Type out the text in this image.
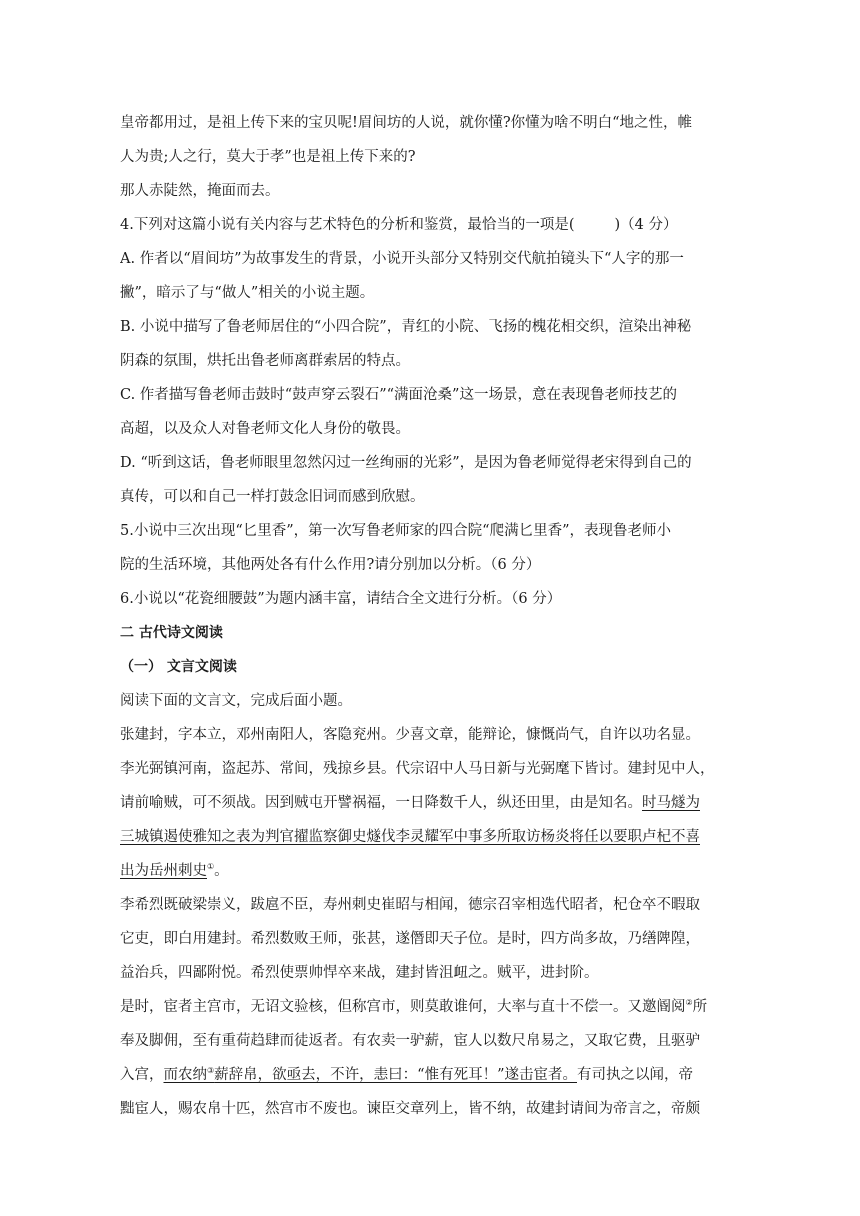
皇帝都用过，是祖上传下来的宝贝呢!眉间坊的人说，就你懂?你懂为啥不明白“地之性，帷
人为贵;人之行，莫大于孝”也是祖上传下来的?
那人赤陡然，掩面而去。
4.下列对这篇小说有关内容与艺术特色的分析和鉴赏，最恰当的一项是(	)（4 分）
A. 作者以“眉间坊”为故事发生的背景，小说开头部分又特别交代航拍镜头下“人字的那一
撇”，暗示了与“做人”相关的小说主题。
B. 小说中描写了鲁老师居住的“小四合院”，青红的小院、飞扬的槐花相交织，渲染出神秘
阴森的氛围，烘托出鲁老师离群索居的特点。
C. 作者描写鲁老师击鼓时“鼓声穿云裂石”“满面沧桑”这一场景，意在表现鲁老师技艺的
高超，以及众人对鲁老师文化人身份的敬畏。
D. “听到这话，鲁老师眼里忽然闪过一丝绚丽的光彩”，是因为鲁老师觉得老宋得到自己的
真传，可以和自己一样打鼓念旧词而感到欣慰。
5.小说中三次出现“匕里香”，第一次写鲁老师家的四合院“爬满匕里香”，表现鲁老师小
院的生活环境，其他两处各有什么作用?请分别加以分析。（6 分）
6.小说以“花瓷细腰鼓”为题内涵丰富，请结合全文进行分析。（6 分）
二 古代诗文阅读
（一） 文言文阅读
阅读下面的文言文，完成后面小题。
张建封，字本立，邓州南阳人，客隐兖州。少喜文章，能辩论，慷慨尚气，自许以功名显。
李光弼镇河南，盗起苏、常间，残掠乡县。代宗诏中人马日新与光弼麾下皆讨。建封见中人，
请前喻贼，可不须战。因到贼屯开譬祸福，一日降数千人，纵还田里，由是知名。时马燧为
三城镇遏使雅知之表为判官擢监察御史燧伐李灵耀军中事多所取访杨炎将任以要职卢杞不喜
出为岳州刺史①。
李希烈既破梁崇义，跋扈不臣，寿州刺史崔昭与相闻，德宗召宰相选代昭者，杞仓卒不暇取
它吏，即白用建封。希烈数败王师，张甚，遂僭即天子位。是时，四方尚多故，乃缮陴隍，
益治兵，四鄙附悦。希烈使票帅悍卒来战，建封皆沮衄之。贼平，进封阶。
是时，宦者主宫市，无诏文验核，但称宫市，则莫敢谁何，大率与直十不偿一。又邀阍阅②所
奉及脚佣，至有重荷趋肆而徒返者。有农卖一驴薪，宦人以数尺帛易之，又取它费，且驱驴
入宫，而农纳③薪辞帛，欲亟去，不许，恚曰：“惟有死耳！”遂击宦者。有司执之以闻，帝
黜宦人，赐农帛十匹，然宫市不废也。谏臣交章列上，皆不纳，故建封请间为帝言之，帝颇
